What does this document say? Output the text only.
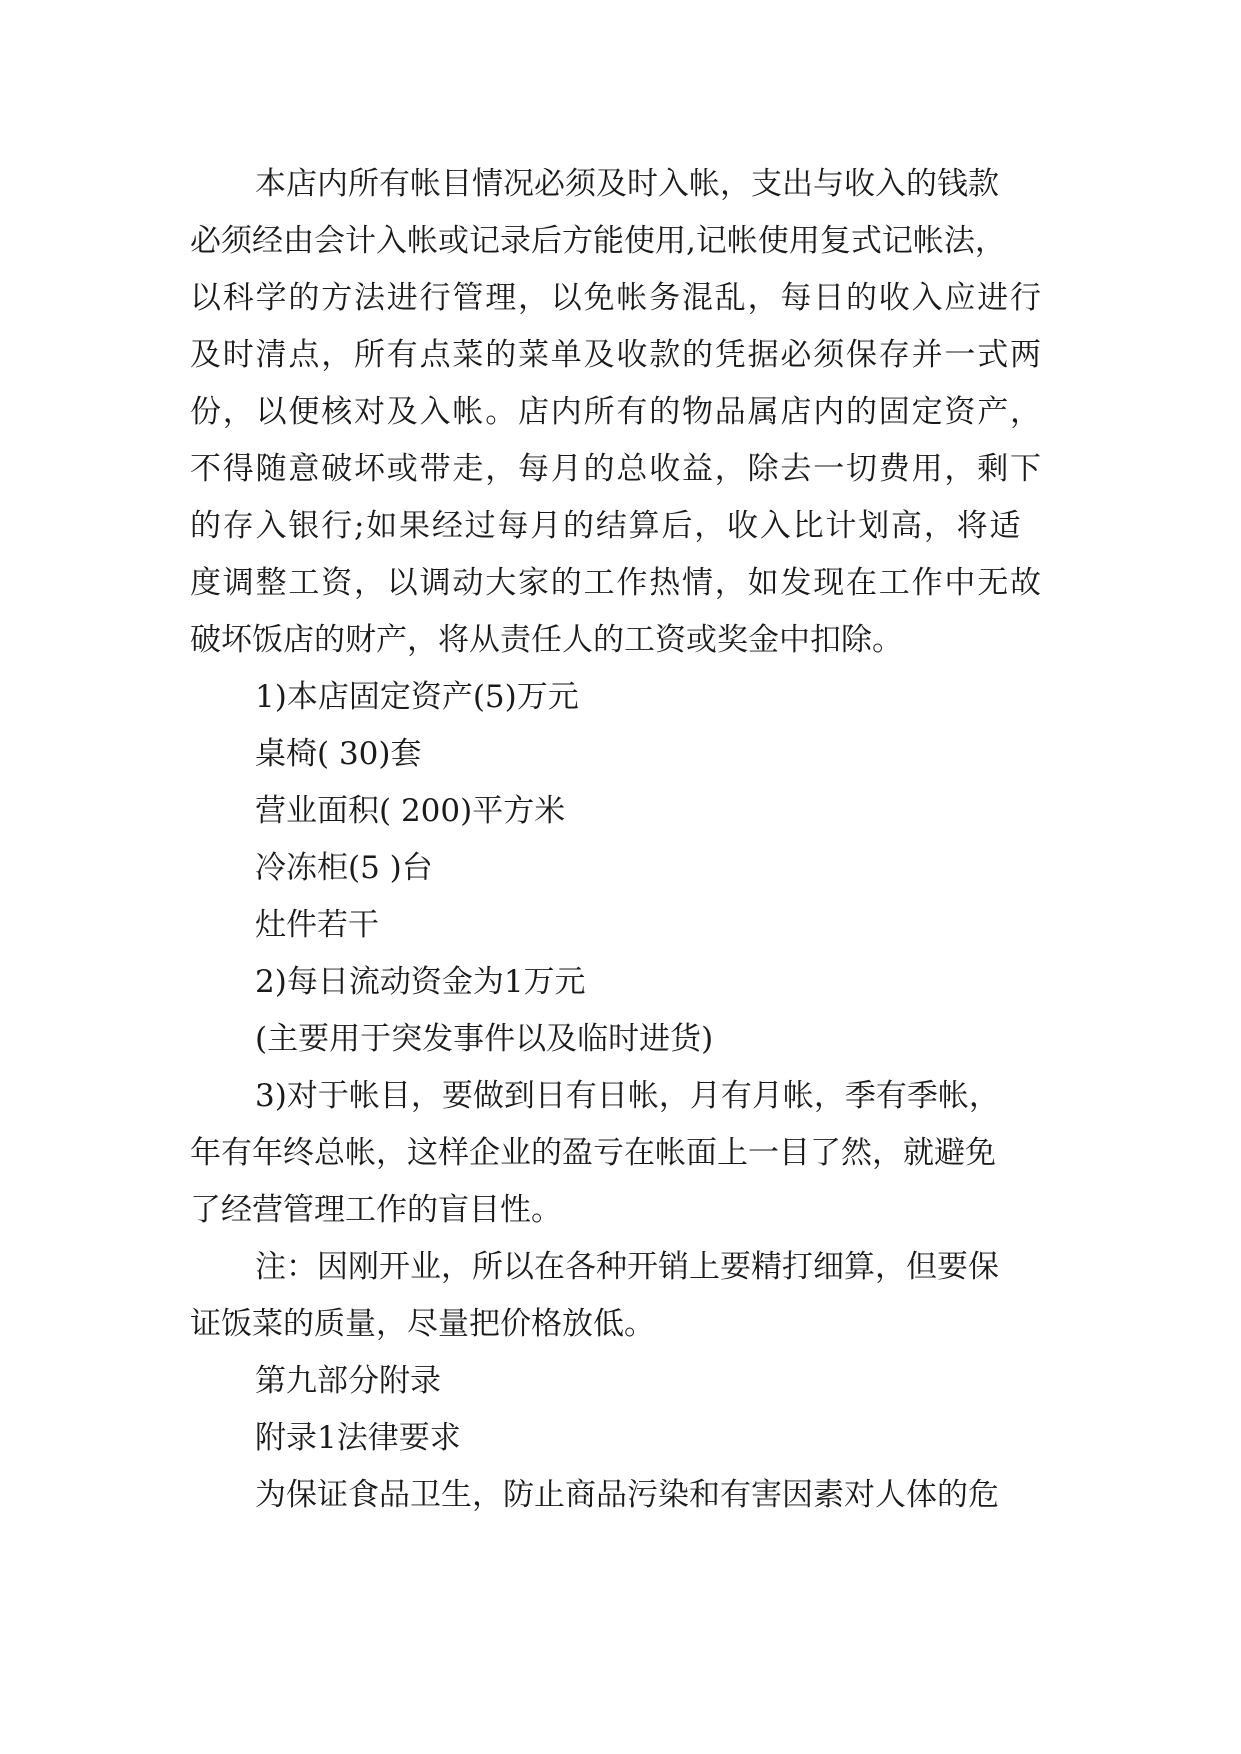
本店内所有帐目情况必须及时入帐，支出与收入的钱款

必须经由会计入帐或记录后方能使用,记帐使用复式记帐法，

以科学的方法进行管理，以免帐务混乱，每日的收入应进行

及时清点，所有点菜的菜单及收款的凭据必须保存并一式两

份，以便核对及入帐。店内所有的物品属店内的固定资产，

不得随意破坏或带走，每月的总收益，除去一切费用，剩下

的存入银行;如果经过每月的结算后，收入比计划高，将适

度调整工资，以调动大家的工作热情，如发现在工作中无故

破坏饭店的财产，将从责任人的工资或奖金中扣除。

1)本店固定资产(5)万元

桌椅( 30)套

营业面积( 200)平方米

冷冻柜(5 )台

灶件若干

2)每日流动资金为1万元

(主要用于突发事件以及临时进货)

3)对于帐目，要做到日有日帐，月有月帐，季有季帐，

年有年终总帐，这样企业的盈亏在帐面上一目了然，就避免

了经营管理工作的盲目性。

注：因刚开业，所以在各种开销上要精打细算，但要保

证饭菜的质量，尽量把价格放低。

第九部分附录

附录1法律要求

为保证食品卫生，防止商品污染和有害因素对人体的危
